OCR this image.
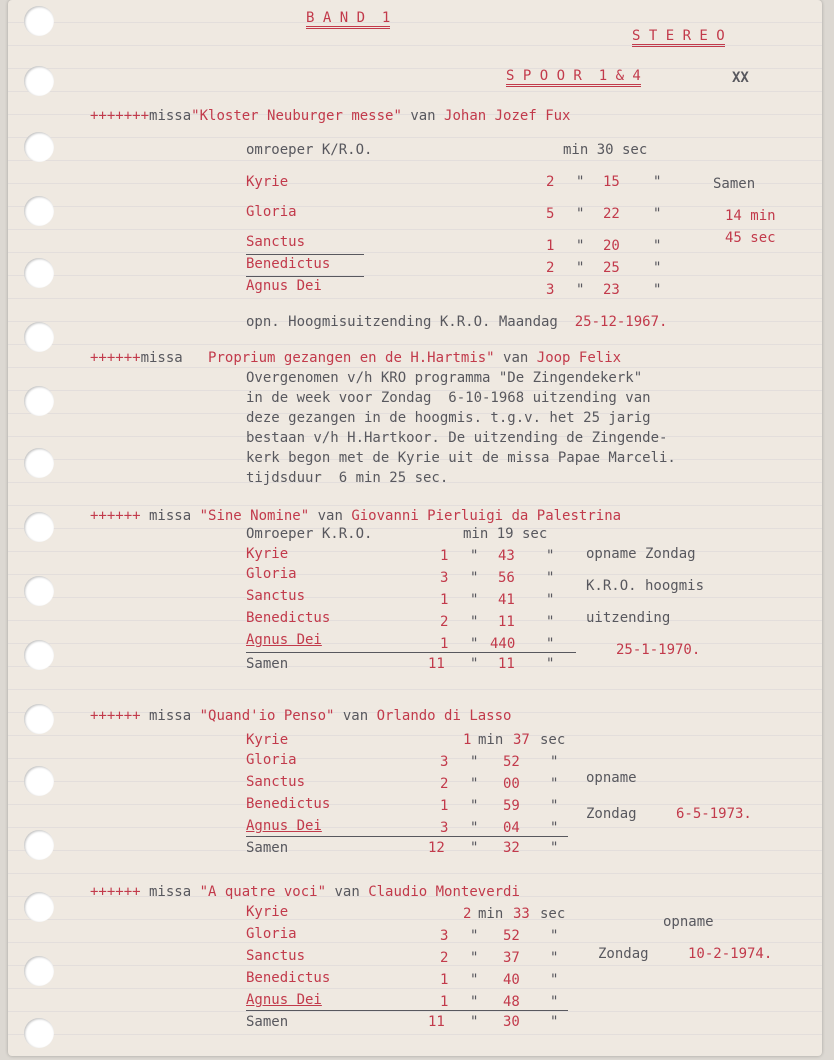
B A N D  1
S T E R E O
S P O O R  1 & 4	XX
+++++++missa"Kloster Neuburger messe" van Johan Jozef Fux
omroeper K/R.O.	min 30 sec
Kyrie	2 " 15 "	Samen
Gloria	5 " 22 "	14 min
45 sec
Sanctus	1 " 20 "
Benedictus	2 " 25 "
Agnus Dei	3 " 23 "
opn. Hoogmisuitzending K.R.O. Maandag 25-12-1967.
++++++missa Proprium gezangen en de H.Hartmis" van Joop Felix
Overgenomen v/h KRO programma "De Zingendekerk"
in de week voor Zondag  6-10-1968 uitzending van
deze gezangen in de hoogmis. t.g.v. het 25 jarig
bestaan v/h H.Hartkoor. De uitzending de Zingende-
kerk begon met de Kyrie uit de missa Papae Marceli.
tijdsduur  6 min 25 sec.
++++++ missa "Sine Nomine" van Giovanni Pierluigi da Palestrina
Omroeper K.R.O.	min 19 sec
Kyrie	1 " 43 " opname Zondag
Gloria	3 " 56 " K.R.O. hoogmis
Sanctus	1 " 41 "
Benedictus	2 " 11 " uitzending
Agnus Dei	1 " 440 "	25-1-1970.
Samen	11 " 11 "
++++++ missa "Quand'io Penso" van Orlando di Lasso
Kyrie	1 min 37 sec
Gloria	3 " 52 "
Sanctus	2 " 00 " opname
Benedictus	1 " 59 " Zondag	6-5-1973.
Agnus Dei	3 " 04 "
Samen	12 " 32 "
++++++ missa "A quatre voci" van Claudio Monteverdi
Kyrie	2 min 33 sec	opname
Gloria	3 " 52 "
Sanctus	2 " 37 "	Zondag	10-2-1974.
Benedictus	1 " 40 "
Agnus Dei	1 " 48 "
Samen	11 " 30 "
